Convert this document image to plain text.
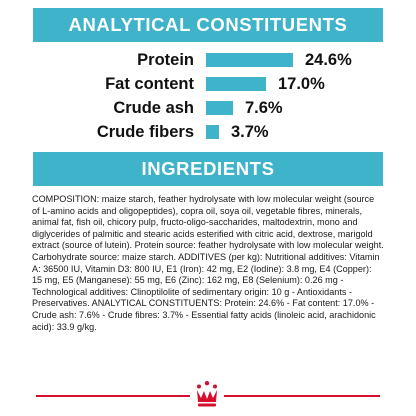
ANALYTICAL CONSTITUENTS
Protein	24.6%
Fat content	17.0%
Crude ash	7.6%
Crude fibers 3.7%
INGREDIENTS
COMPOSITION: maize starch, feather hydrolysate with low molecular weight (source of L-amino acids and oligopeptides), copra oil, soya oil, vegetable fibres, minerals, animal fat, fish oil, chicory pulp, fructo-oligo-saccharides, maltodextrin, mono and diglycerides of palmitic and stearic acids esterified with citric acid, dextrose, marigold extract (source of lutein). Protein source: feather hydrolysate with low molecular weight. Carbohydrate source: maize starch. ADDITIVES (per kg): Nutritional additives: Vitamin A: 36500 IU, Vitamin D3: 800 IU, E1 (Iron): 42 mg, E2 (Iodine): 3.8 mg, E4 (Copper): 15 mg, E5 (Manganese): 55 mg, E6 (Zinc): 162 mg, E8 (Selenium): 0.26 mg - Technological additives: Clinoptilolite of sedimentary origin: 10 g - Antioxidants - Preservatives. ANALYTICAL CONSTITUENTS: Protein: 24.6% - Fat content: 17.0% - Crude ash: 7.6% - Crude fibres: 3.7% - Essential fatty acids (linoleic acid, arachidonic acid): 33.9 g/kg.
